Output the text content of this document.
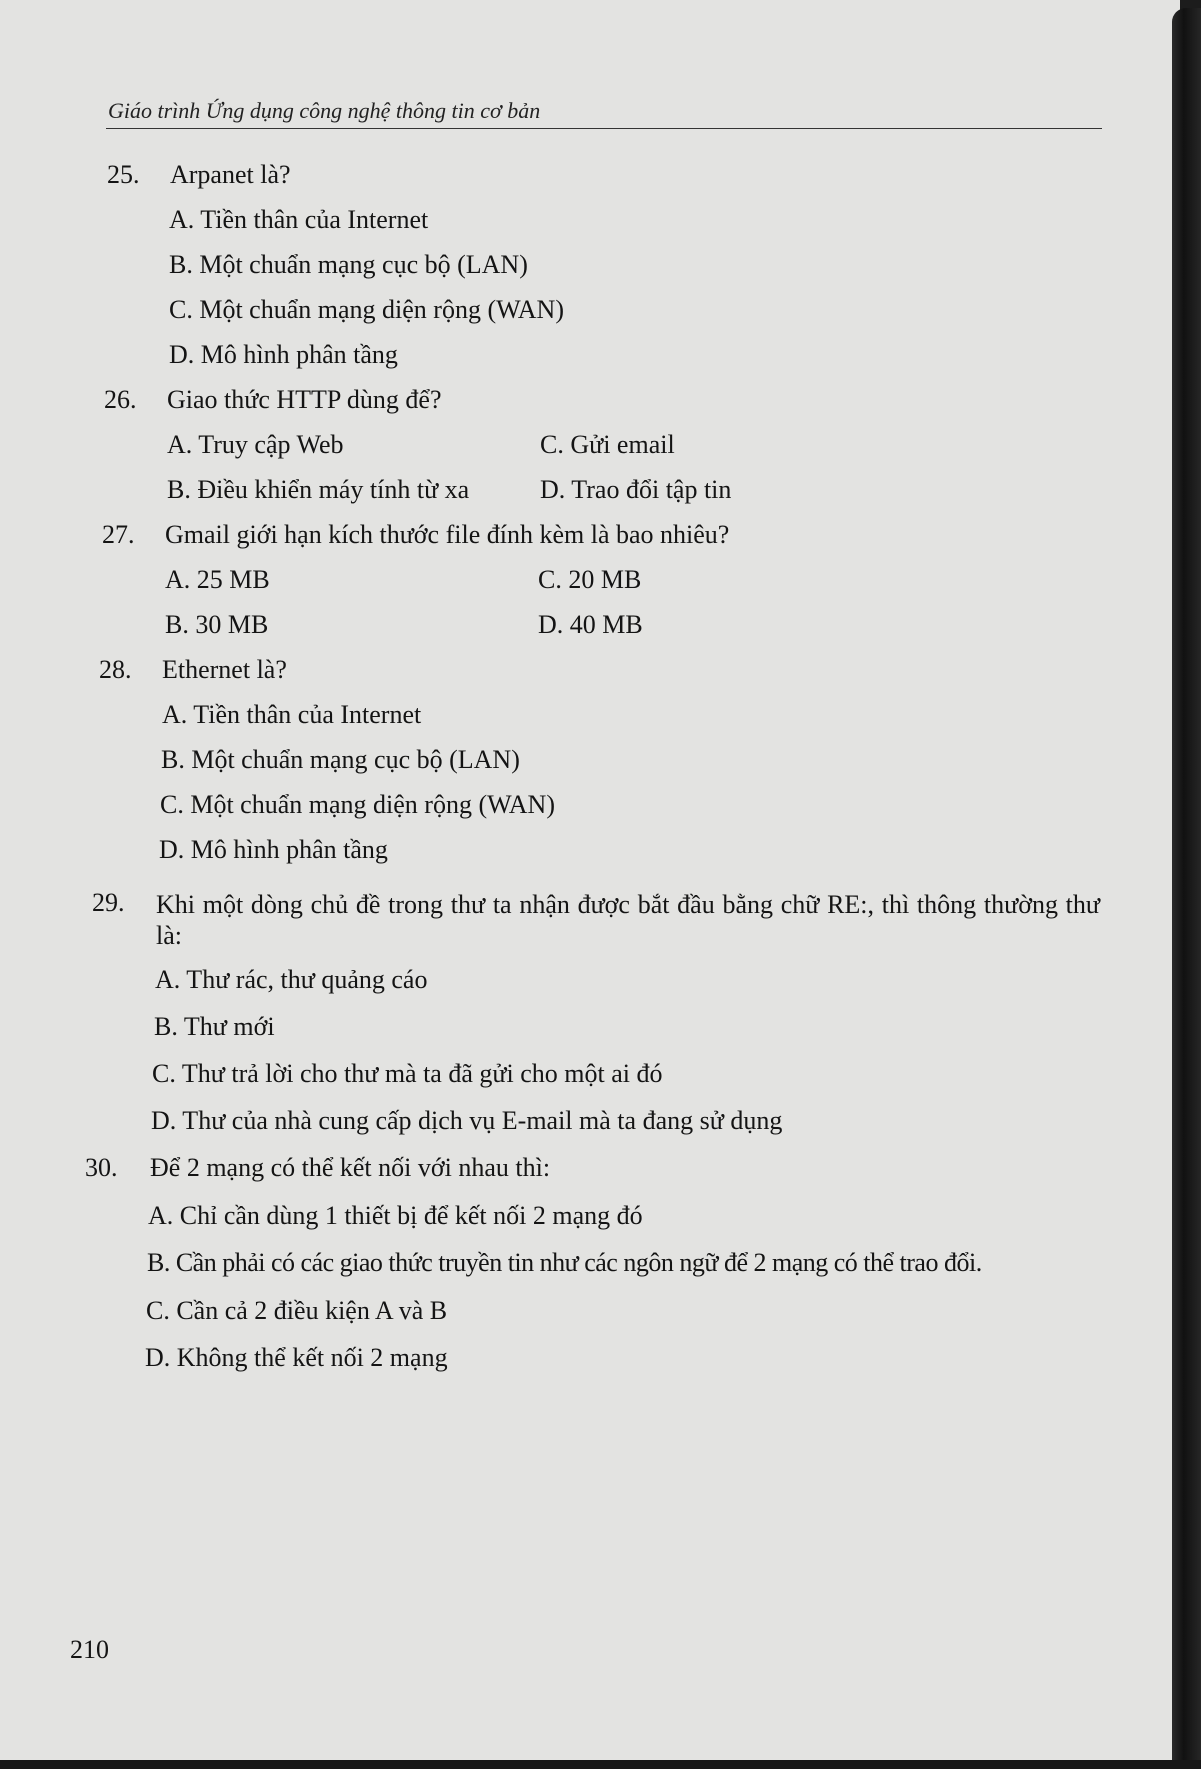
Giáo trình Ứng dụng công nghệ thông tin cơ bản
25. Arpanet là?
A. Tiền thân của Internet
B. Một chuẩn mạng cục bộ (LAN)
C. Một chuẩn mạng diện rộng (WAN)
D. Mô hình phân tầng
26. Giao thức HTTP dùng để?
A. Truy cập Web	C. Gửi email
B. Điều khiển máy tính từ xa	D. Trao đổi tập tin
27. Gmail giới hạn kích thước file đính kèm là bao nhiêu?
A. 25 MB	C. 20 MB
B. 30 MB	D. 40 MB
28. Ethernet là?
A. Tiền thân của Internet
B. Một chuẩn mạng cục bộ (LAN)
C. Một chuẩn mạng diện rộng (WAN)
D. Mô hình phân tầng
29. Khi một dòng chủ đề trong thư ta nhận được bắt đầu bằng chữ RE:, thì thông thường thư là:
A. Thư rác, thư quảng cáo
B. Thư mới
C. Thư trả lời cho thư mà ta đã gửi cho một ai đó
D. Thư của nhà cung cấp dịch vụ E-mail mà ta đang sử dụng
30. Để 2 mạng có thể kết nối với nhau thì:
A. Chỉ cần dùng 1 thiết bị để kết nối 2 mạng đó
B. Cần phải có các giao thức truyền tin như các ngôn ngữ để 2 mạng có thể trao đổi.
C. Cần cả 2 điều kiện A và B
D. Không thể kết nối 2 mạng
210
